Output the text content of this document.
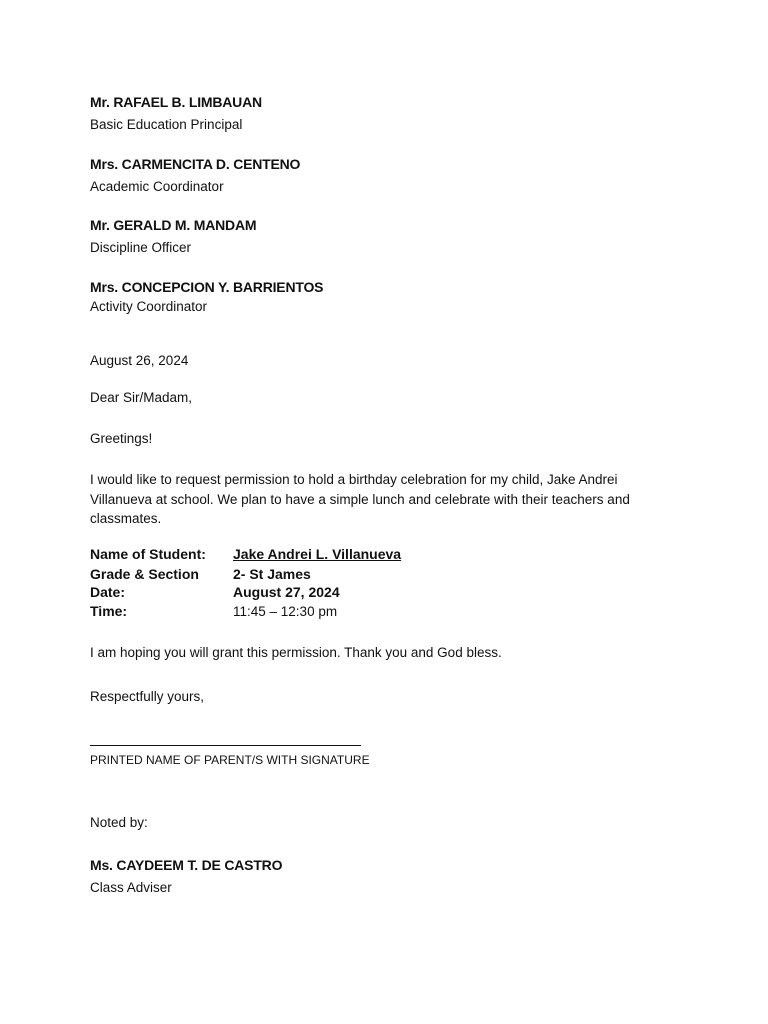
Mr. RAFAEL B. LIMBAUAN
Basic Education Principal
Mrs. CARMENCITA D. CENTENO
Academic Coordinator
Mr. GERALD M. MANDAM
Discipline Officer
Mrs. CONCEPCION Y. BARRIENTOS
Activity Coordinator
August 26, 2024
Dear Sir/Madam,
Greetings!
I would like to request permission to hold a birthday celebration for my child, Jake Andrei Villanueva at school. We plan to have a simple lunch and celebrate with their teachers and classmates.
Name of Student: Jake Andrei L. Villanueva
Grade & Section 2- St James
Date:	August 27, 2024
Time:	11:45 – 12:30 pm
I am hoping you will grant this permission. Thank you and God bless.
Respectfully yours,
PRINTED NAME OF PARENT/S WITH SIGNATURE
Noted by:
Ms. CAYDEEM T. DE CASTRO
Class Adviser
